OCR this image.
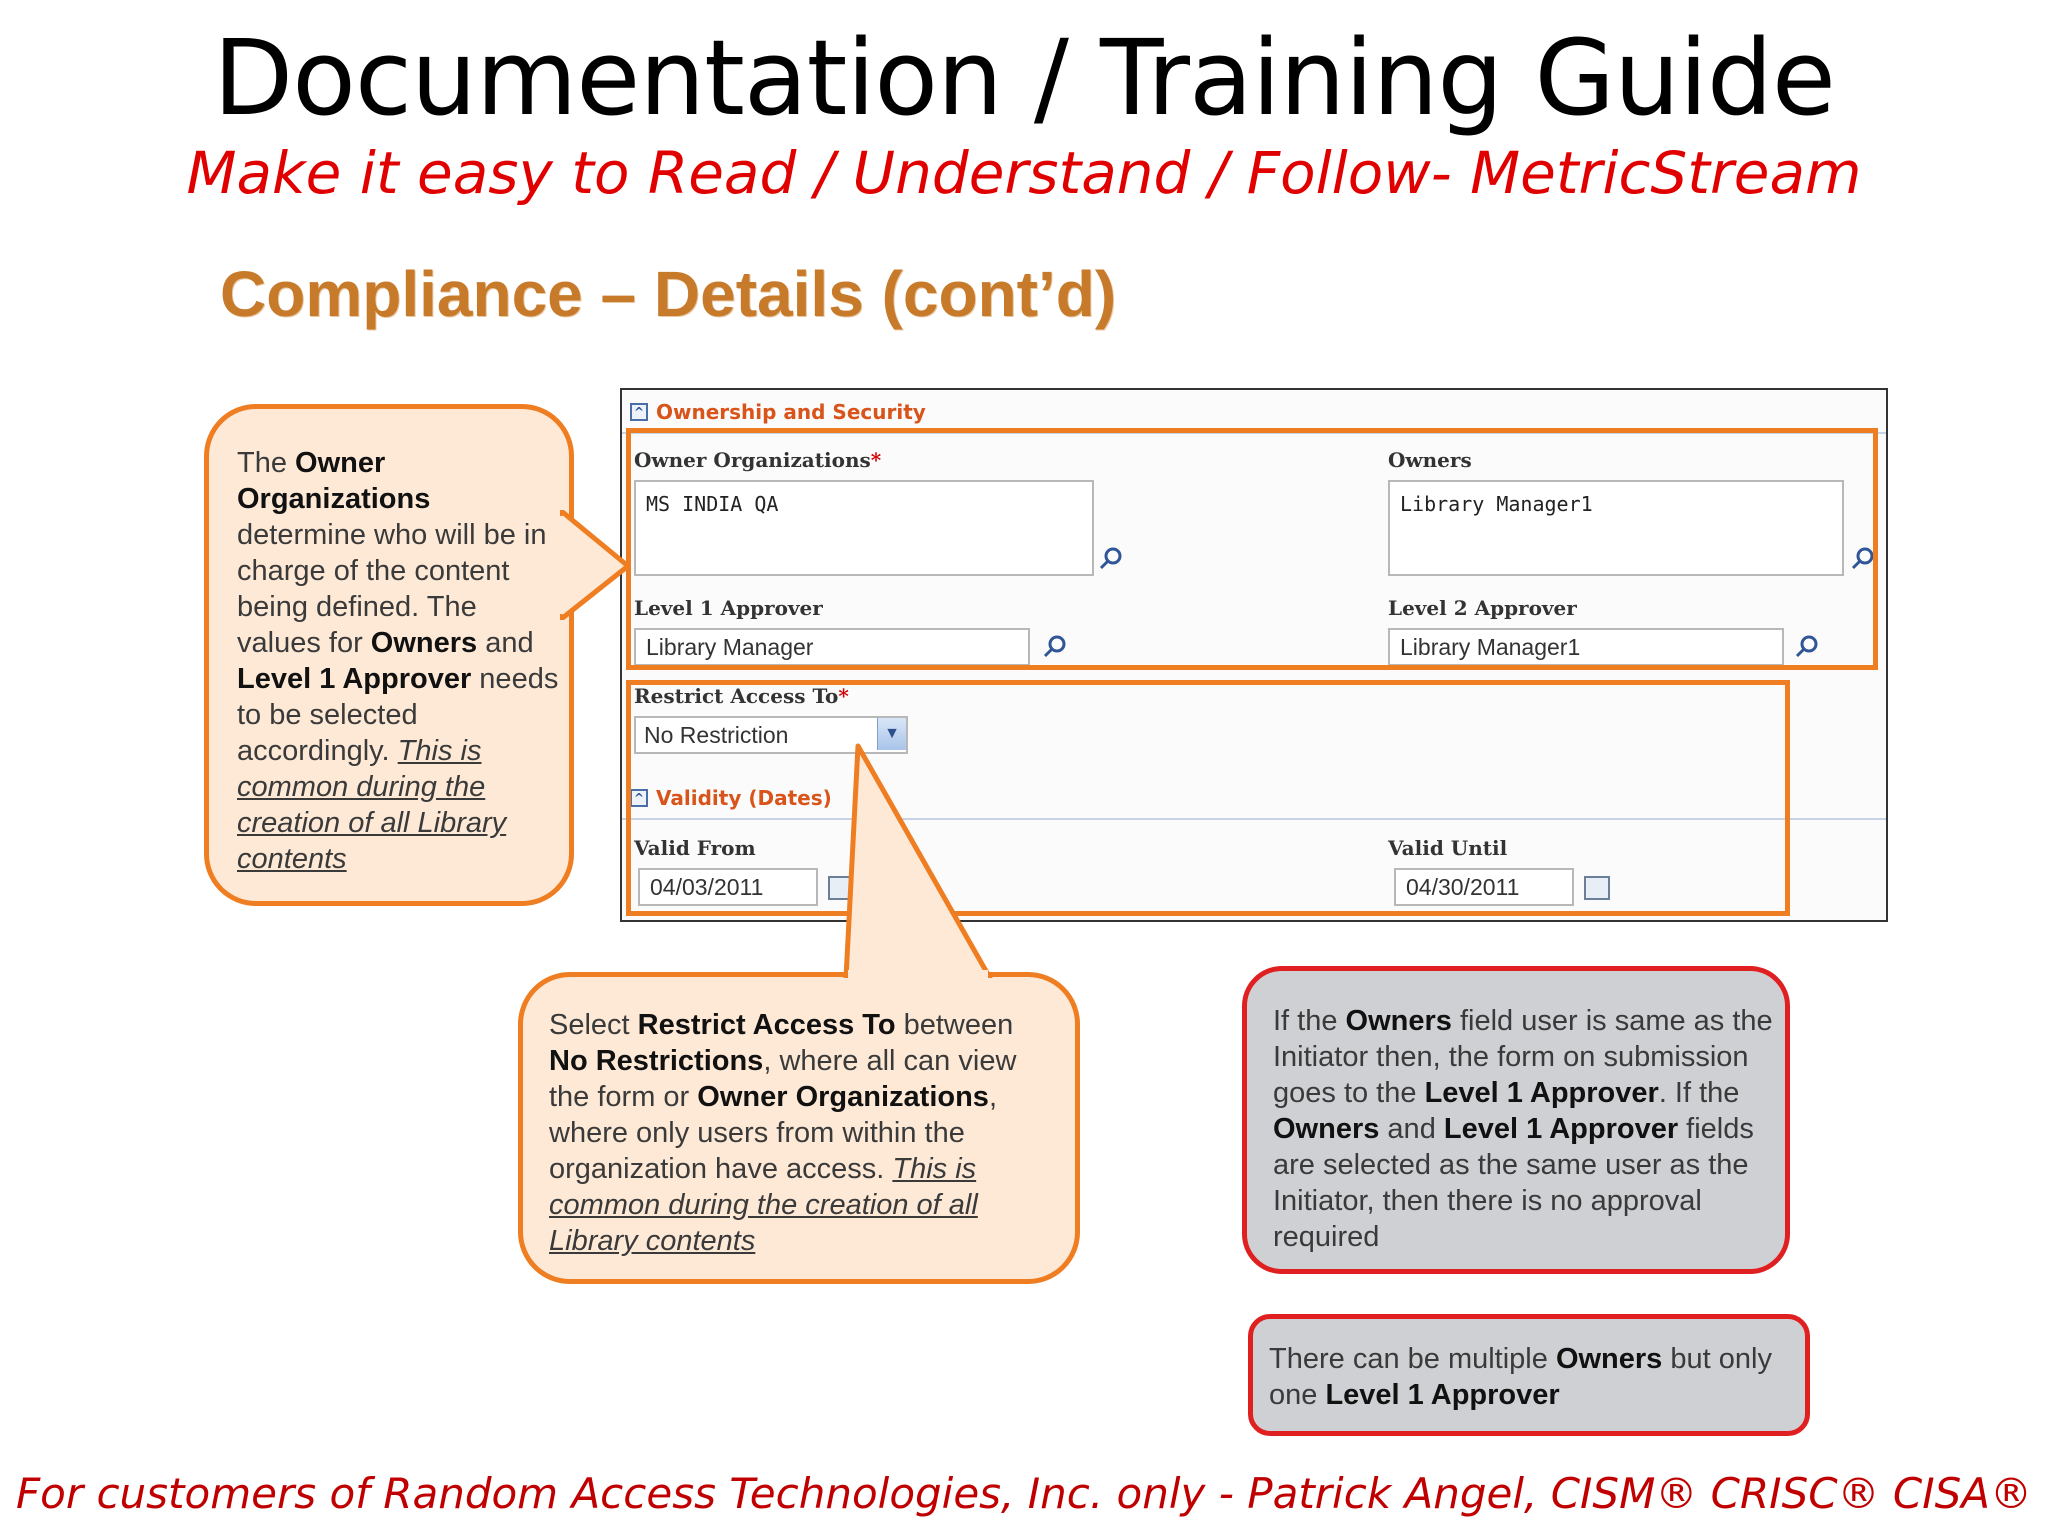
Documentation / Training Guide
Make it easy to Read / Understand / Follow- MetricStream
Compliance – Details (cont’d)
^ Ownership and Security
Owner Organizations*
MS INDIA QA
Owners
Library Manager1
Level 1 Approver
Library Manager
Level 2 Approver
Library Manager1
Restrict Access To*
No Restriction	▼
^ Validity (Dates)
Valid From
04/03/2011
Valid Until
04/30/2011
The Owner Organizations determine who will be in charge of the content being defined. The values for Owners and Level 1 Approver needs to be selected accordingly. This is common during the creation of all Library contents
Select Restrict Access To between No Restrictions, where all can view the form or Owner Organizations, where only users from within the organization have access. This is common during the creation of all Library contents
If the Owners field user is same as the Initiator then, the form on submission goes to the Level 1 Approver. If the Owners and Level 1 Approver fields are selected as the same user as the Initiator, then there is no approval required
There can be multiple Owners but only one Level 1 Approver
For customers of Random Access Technologies, Inc. only - Patrick Angel, CISM® CRISC® CISA®
